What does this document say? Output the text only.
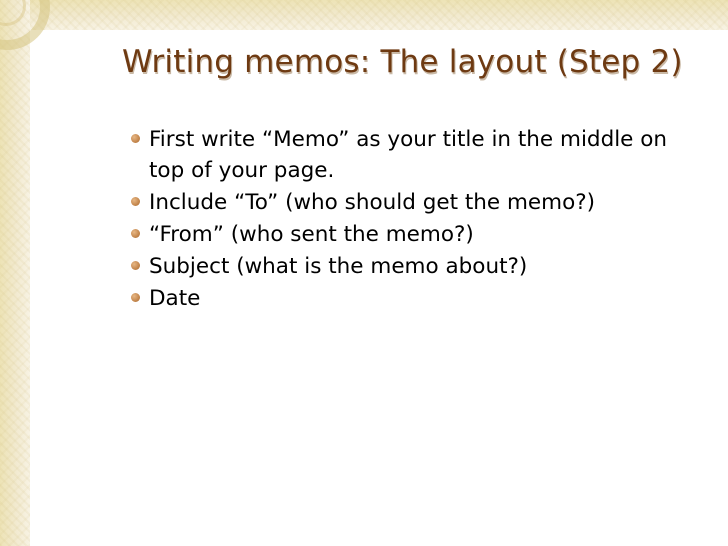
Writing memos: The layout (Step 2)
First write “Memo” as your title in the middle on top of your page.
Include “To” (who should get the memo?)
“From” (who sent the memo?)
Subject (what is the memo about?)
Date
